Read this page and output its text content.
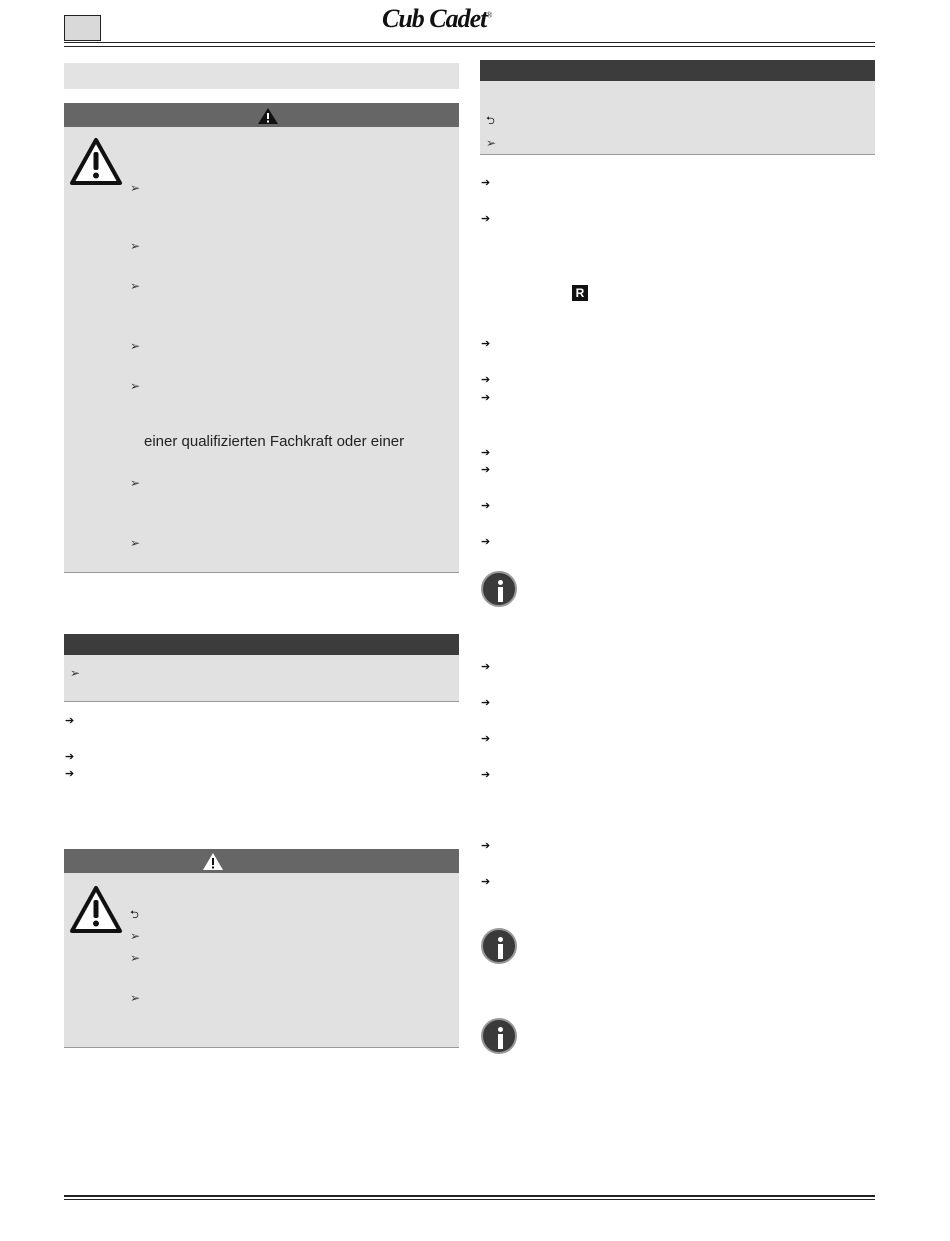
Cub Cadet®
➢
➢
➢
➢
➢
einer qualifizierten Fachkraft oder einer
➢
➢
➢
➔
➔
➔
⮌
➢
➢
➢
⮌
➢
➔
➔
R
➔
➔
➔
➔
➔
➔
➔
➔
➔
➔
➔
➔
➔
